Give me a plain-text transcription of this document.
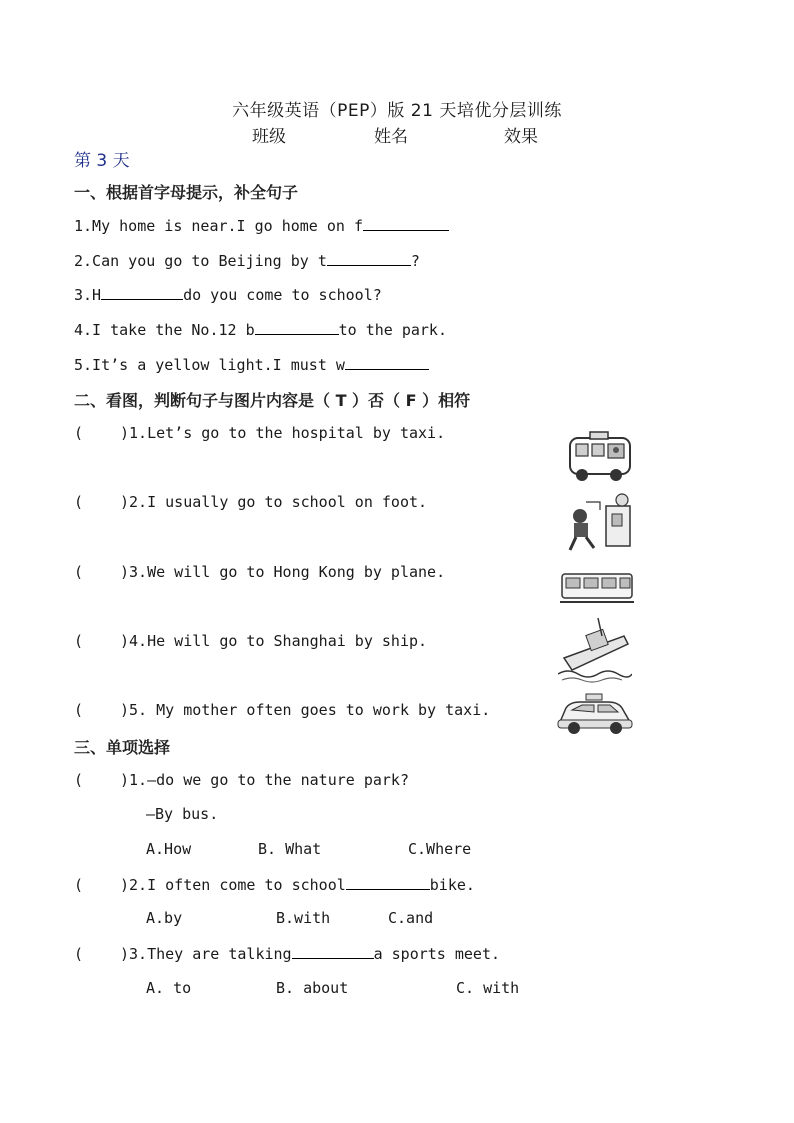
六年级英语（PEP）版 21 天培优分层训练
班级	姓名	效果
第 3 天
一、根据首字母提示，补全句子
1.My home is near.I go home on f
2.Can you go to Beijing by t	?
3.H	do you come to school?
4.I take the No.12 b	to the park.
5.It’s a yellow light.I must w
二、看图，判断句子与图片内容是（ T ）否（ F ）相符
( )1.Let’s go to the hospital by taxi.
( )2.I usually go to school on foot.
( )3.We will go to Hong Kong by plane.
( )4.He will go to Shanghai by ship.
( )5. My mother often goes to work by taxi.
三、单项选择
( )1.—do we go to the nature park?
—By bus.
A.How	B. What	C.Where
( )2.I often come to school	bike.
A.by	B.with	C.and
( )3.They are talking	a sports meet.
A. to	B. about	C. with
